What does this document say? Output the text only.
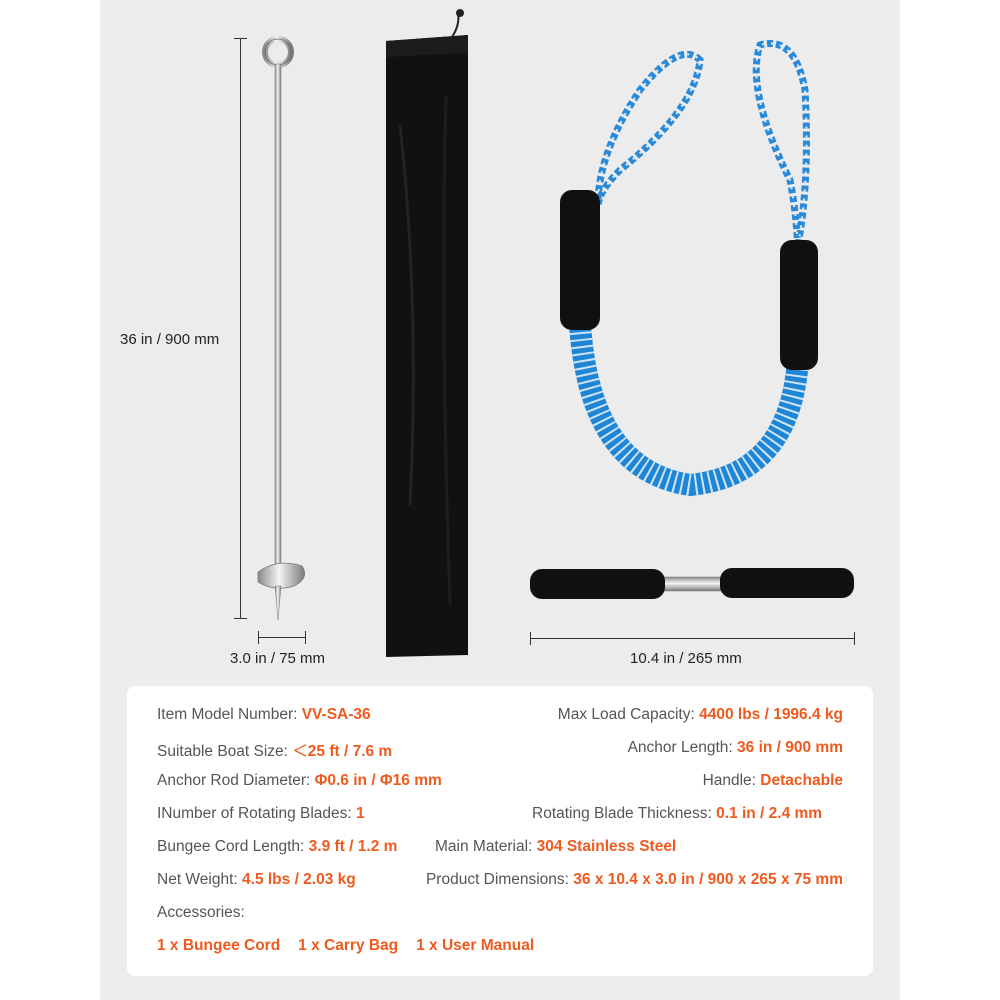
36 in / 900 mm
3.0 in / 75 mm	10.4 in / 265 mm
Item Model Number: VV-SA-36	Max Load Capacity: 4400 lbs / 1996.4 kg
Suitable Boat Size: ＜25 ft / 7.6 m	Anchor Length: 36 in / 900 mm
Anchor Rod Diameter: Φ0.6 in / Φ16 mm	Handle: Detachable
INumber of Rotating Blades: 1	Rotating Blade Thickness: 0.1 in / 2.4 mm
Bungee Cord Length: 3.9 ft / 1.2 m Main Material: 304 Stainless Steel
Net Weight: 4.5 lbs / 2.03 kg	Product Dimensions: 36 x 10.4 x 3.0 in / 900 x 265 x 75 mm
Accessories:
1 x Bungee Cord 1 x Carry Bag 1 x User Manual
